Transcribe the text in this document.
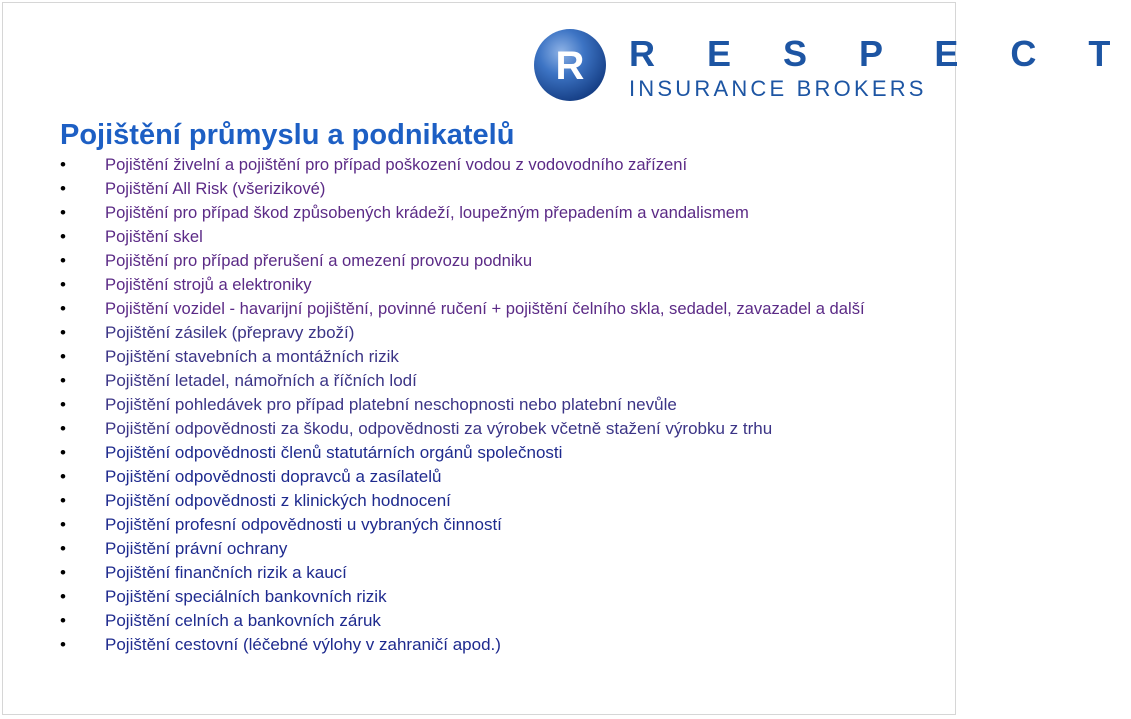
R R E S P E C T
INSURANCE BROKERS
Pojištění průmyslu a podnikatelů
• Pojištění živelní a pojištění pro případ poškození vodou z vodovodního zařízení
• Pojištění All Risk (všerizikové)
• Pojištění pro případ škod způsobených krádeží, loupežným přepadením a vandalismem
• Pojištění skel
• Pojištění pro případ přerušení a omezení provozu podniku
• Pojištění strojů a elektroniky
• Pojištění vozidel - havarijní pojištění, povinné ručení + pojištění čelního skla, sedadel, zavazadel a další
• Pojištění zásilek (přepravy zboží)
• Pojištění stavebních a montážních rizik
• Pojištění letadel, námořních a říčních lodí
• Pojištění pohledávek pro případ platební neschopnosti nebo platební nevůle
• Pojištění odpovědnosti za škodu, odpovědnosti za výrobek včetně stažení výrobku z trhu
• Pojištění odpovědnosti členů statutárních orgánů společnosti
• Pojištění odpovědnosti dopravců a zasílatelů
• Pojištění odpovědnosti z klinických hodnocení
• Pojištění profesní odpovědnosti u vybraných činností
• Pojištění právní ochrany
• Pojištění finančních rizik a kaucí
• Pojištění speciálních bankovních rizik
• Pojištění celních a bankovních záruk
• Pojištění cestovní (léčebné výlohy v zahraničí apod.)
